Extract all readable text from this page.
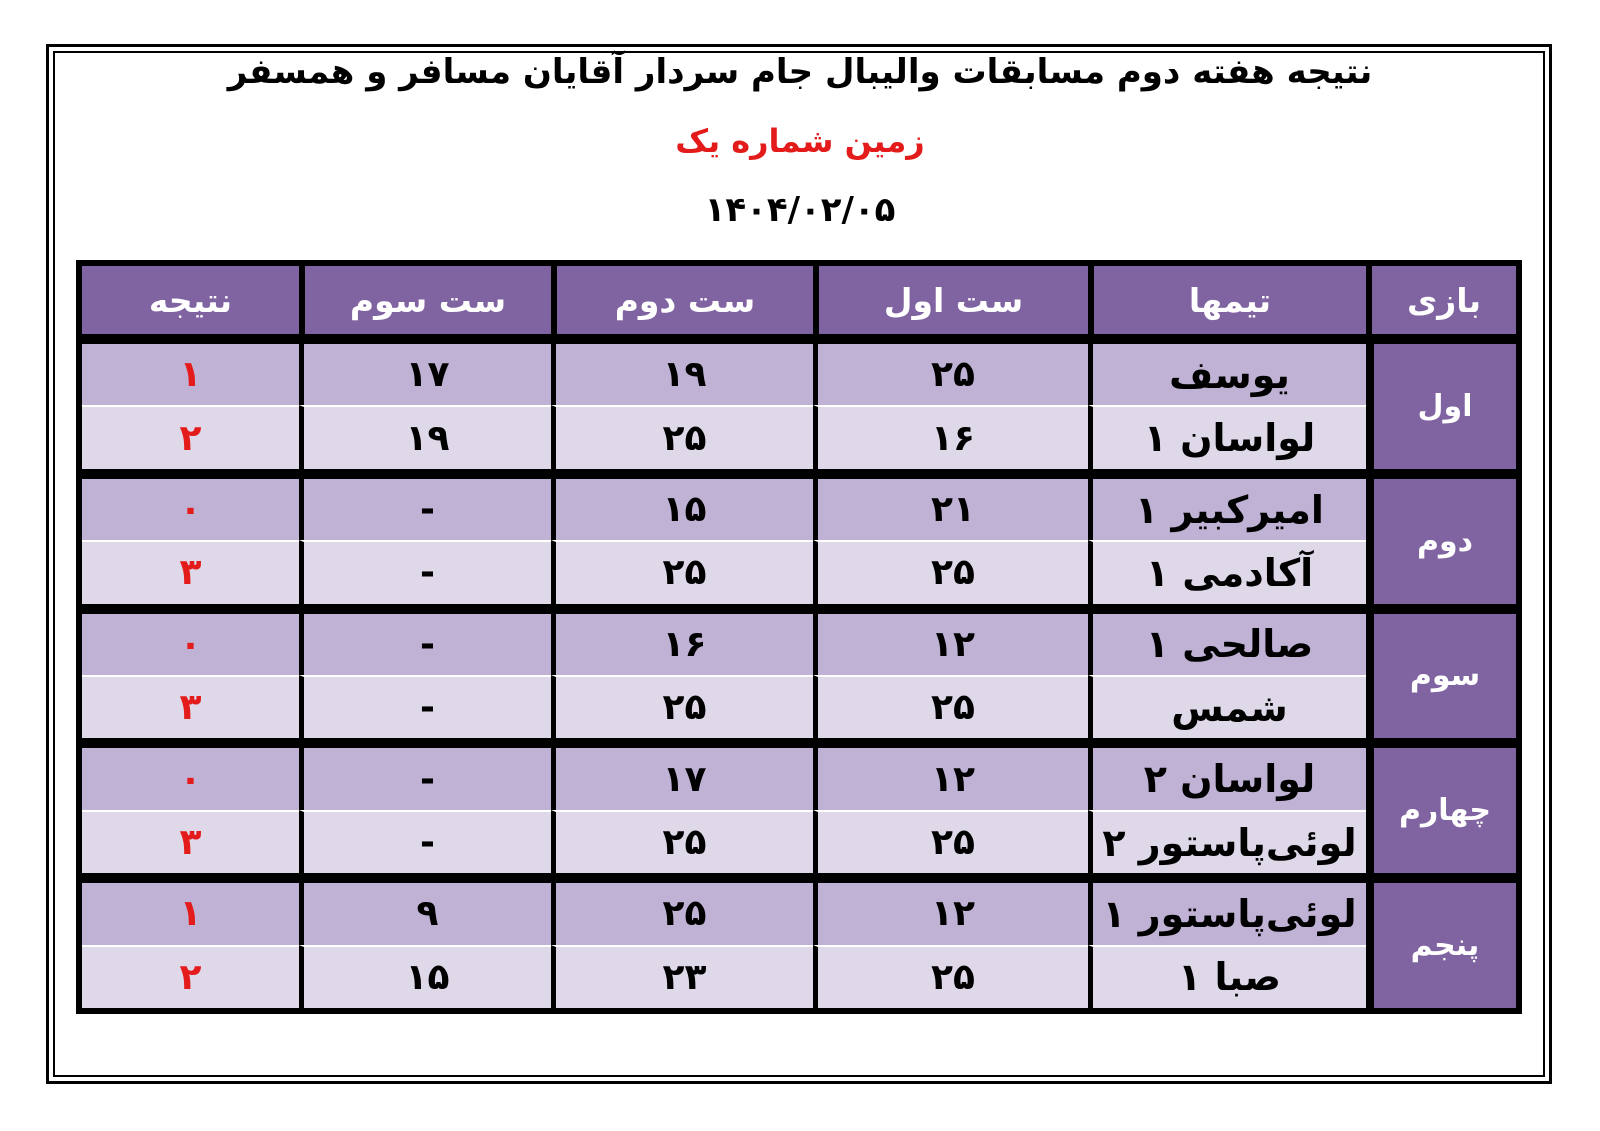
نتیجه هفته دوم مسابقات والیبال جام سردار آقایان مسافر و همسفر
زمین شماره یک
۱۴۰۴/۰۲/۰۵
بازی	تیمها	ست اول	ست دوم	ست سوم	نتیجه
اول	یوسف	۲۵	۱۹	۱۷	۱
	لواسان ۱	۱۶	۲۵	۱۹	۲
دوم	امیرکبیر ۱	۲۱	۱۵	-	۰
	آکادمی ۱	۲۵	۲۵	-	۳
سوم	صالحی ۱	۱۲	۱۶	-	۰
	شمس	۲۵	۲۵	-	۳
چهارم	لواسان ۲	۱۲	۱۷	-	۰
	لوئی‌پاستور ۲	۲۵	۲۵	-	۳
پنجم	لوئی‌پاستور ۱	۱۲	۲۵	۹	۱
	صبا ۱	۲۵	۲۳	۱۵	۲
